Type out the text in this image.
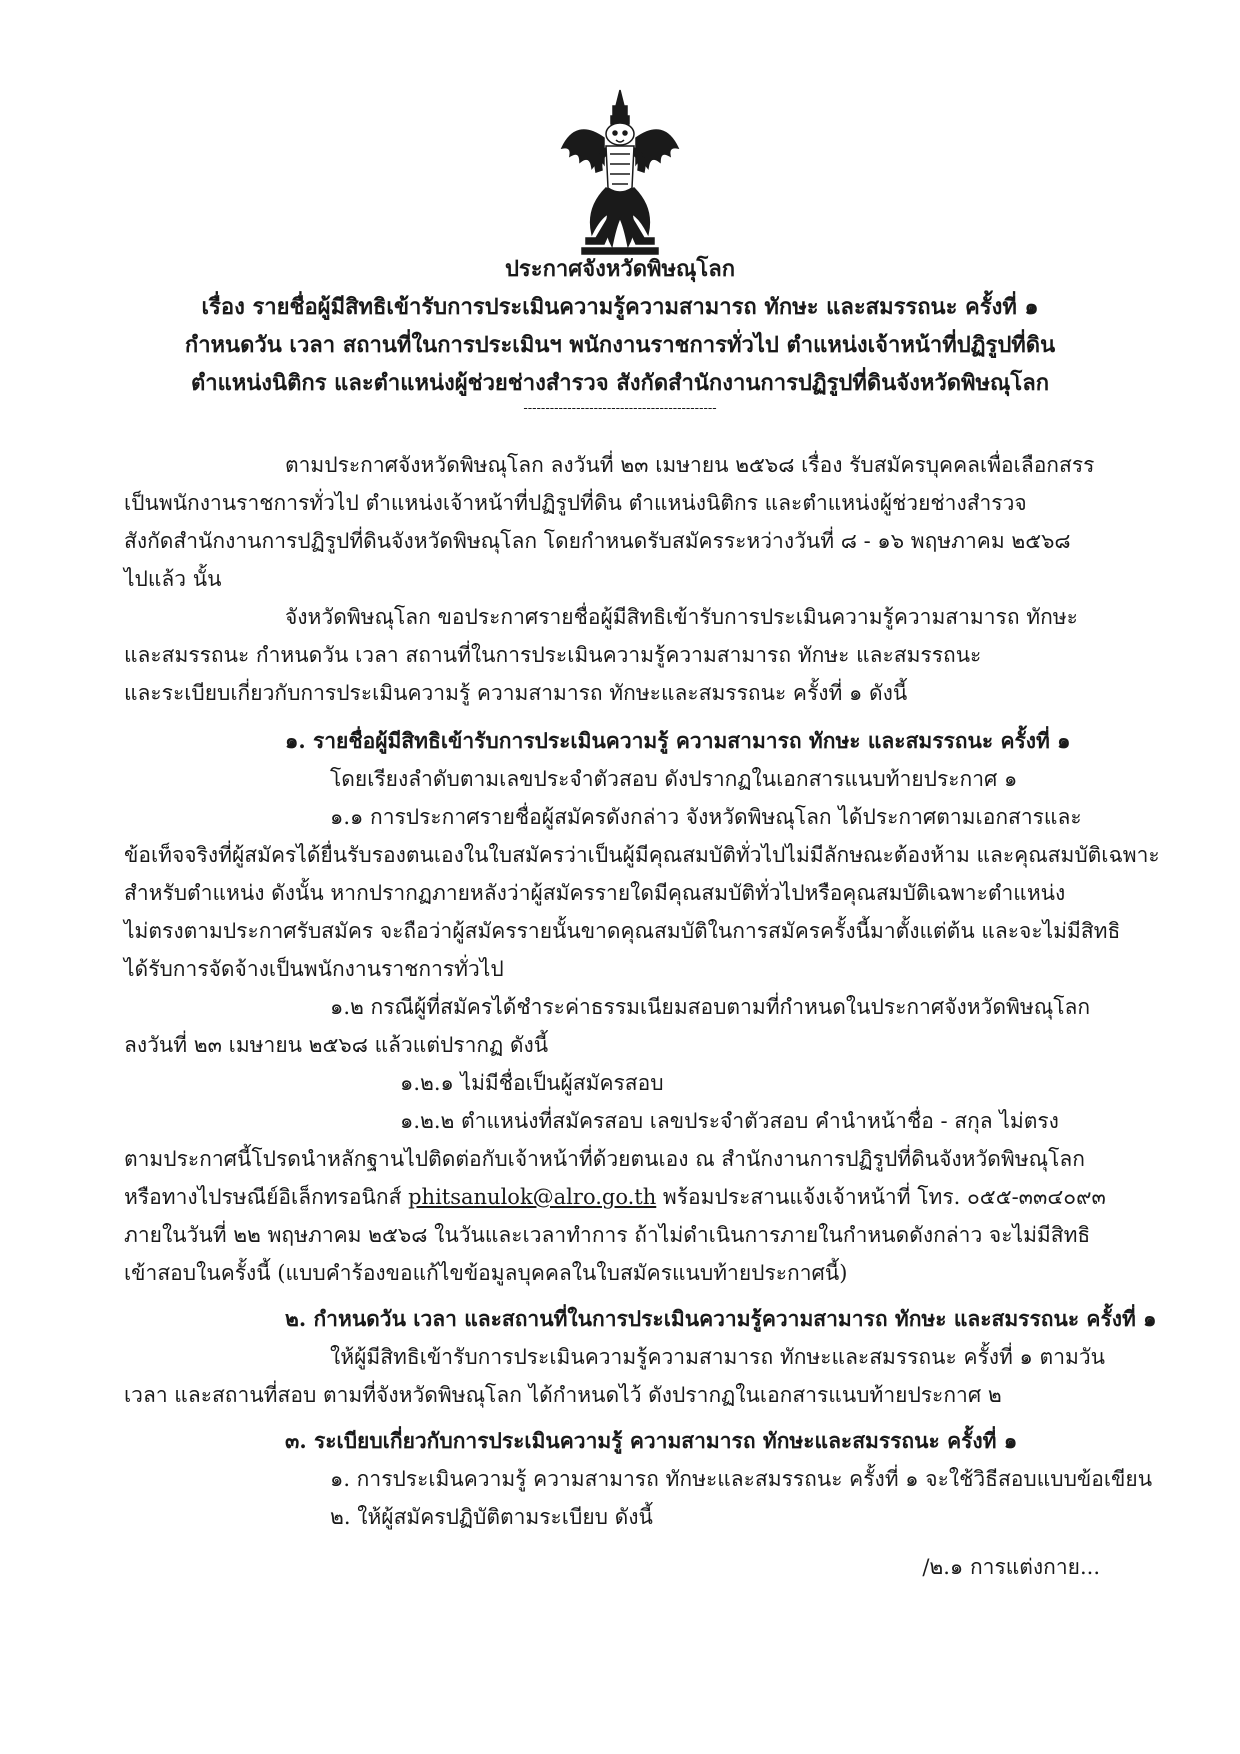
ประกาศจังหวัดพิษณุโลก
เรื่อง รายชื่อผู้มีสิทธิเข้ารับการประเมินความรู้ความสามารถ ทักษะ และสมรรถนะ ครั้งที่ ๑
กำหนดวัน เวลา สถานที่ในการประเมินฯ พนักงานราชการทั่วไป ตำแหน่งเจ้าหน้าที่ปฏิรูปที่ดิน
ตำแหน่งนิติกร และตำแหน่งผู้ช่วยช่างสำรวจ สังกัดสำนักงานการปฏิรูปที่ดินจังหวัดพิษณุโลก
--------------------------------------------
ตามประกาศจังหวัดพิษณุโลก ลงวันที่ ๒๓ เมษายน ๒๕๖๘ เรื่อง รับสมัครบุคคลเพื่อเลือกสรร
เป็นพนักงานราชการทั่วไป ตำแหน่งเจ้าหน้าที่ปฏิรูปที่ดิน ตำแหน่งนิติกร และตำแหน่งผู้ช่วยช่างสำรวจ
สังกัดสำนักงานการปฏิรูปที่ดินจังหวัดพิษณุโลก โดยกำหนดรับสมัครระหว่างวันที่ ๘ - ๑๖ พฤษภาคม ๒๕๖๘
ไปแล้ว นั้น
จังหวัดพิษณุโลก ขอประกาศรายชื่อผู้มีสิทธิเข้ารับการประเมินความรู้ความสามารถ ทักษะ
และสมรรถนะ กำหนดวัน เวลา สถานที่ในการประเมินความรู้ความสามารถ ทักษะ และสมรรถนะ
และระเบียบเกี่ยวกับการประเมินความรู้ ความสามารถ ทักษะและสมรรถนะ ครั้งที่ ๑ ดังนี้
๑. รายชื่อผู้มีสิทธิเข้ารับการประเมินความรู้ ความสามารถ ทักษะ และสมรรถนะ ครั้งที่ ๑
โดยเรียงลำดับตามเลขประจำตัวสอบ ดังปรากฏในเอกสารแนบท้ายประกาศ ๑
๑.๑ การประกาศรายชื่อผู้สมัครดังกล่าว จังหวัดพิษณุโลก ได้ประกาศตามเอกสารและ
ข้อเท็จจริงที่ผู้สมัครได้ยื่นรับรองตนเองในใบสมัครว่าเป็นผู้มีคุณสมบัติทั่วไปไม่มีลักษณะต้องห้าม และคุณสมบัติเฉพาะ
สำหรับตำแหน่ง ดังนั้น หากปรากฏภายหลังว่าผู้สมัครรายใดมีคุณสมบัติทั่วไปหรือคุณสมบัติเฉพาะตำแหน่ง
ไม่ตรงตามประกาศรับสมัคร จะถือว่าผู้สมัครรายนั้นขาดคุณสมบัติในการสมัครครั้งนี้มาตั้งแต่ต้น และจะไม่มีสิทธิ
ได้รับการจัดจ้างเป็นพนักงานราชการทั่วไป
๑.๒ กรณีผู้ที่สมัครได้ชำระค่าธรรมเนียมสอบตามที่กำหนดในประกาศจังหวัดพิษณุโลก
ลงวันที่ ๒๓ เมษายน ๒๕๖๘ แล้วแต่ปรากฏ ดังนี้
๑.๒.๑ ไม่มีชื่อเป็นผู้สมัครสอบ
๑.๒.๒ ตำแหน่งที่สมัครสอบ เลขประจำตัวสอบ คำนำหน้าชื่อ - สกุล ไม่ตรง
ตามประกาศนี้โปรดนำหลักฐานไปติดต่อกับเจ้าหน้าที่ด้วยตนเอง ณ สำนักงานการปฏิรูปที่ดินจังหวัดพิษณุโลก
หรือทางไปรษณีย์อิเล็กทรอนิกส์ phitsanulok@alro.go.th พร้อมประสานแจ้งเจ้าหน้าที่ โทร. ๐๕๕-๓๓๔๐๙๓
ภายในวันที่ ๒๒ พฤษภาคม ๒๕๖๘ ในวันและเวลาทำการ ถ้าไม่ดำเนินการภายในกำหนดดังกล่าว จะไม่มีสิทธิ
เข้าสอบในครั้งนี้ (แบบคำร้องขอแก้ไขข้อมูลบุคคลในใบสมัครแนบท้ายประกาศนี้)
๒. กำหนดวัน เวลา และสถานที่ในการประเมินความรู้ความสามารถ ทักษะ และสมรรถนะ ครั้งที่ ๑
ให้ผู้มีสิทธิเข้ารับการประเมินความรู้ความสามารถ ทักษะและสมรรถนะ ครั้งที่ ๑ ตามวัน
เวลา และสถานที่สอบ ตามที่จังหวัดพิษณุโลก ได้กำหนดไว้ ดังปรากฏในเอกสารแนบท้ายประกาศ ๒
๓. ระเบียบเกี่ยวกับการประเมินความรู้ ความสามารถ ทักษะและสมรรถนะ ครั้งที่ ๑
๑. การประเมินความรู้ ความสามารถ ทักษะและสมรรถนะ ครั้งที่ ๑ จะใช้วิธีสอบแบบข้อเขียน
๒. ให้ผู้สมัครปฏิบัติตามระเบียบ ดังนี้
/๒.๑ การแต่งกาย...
